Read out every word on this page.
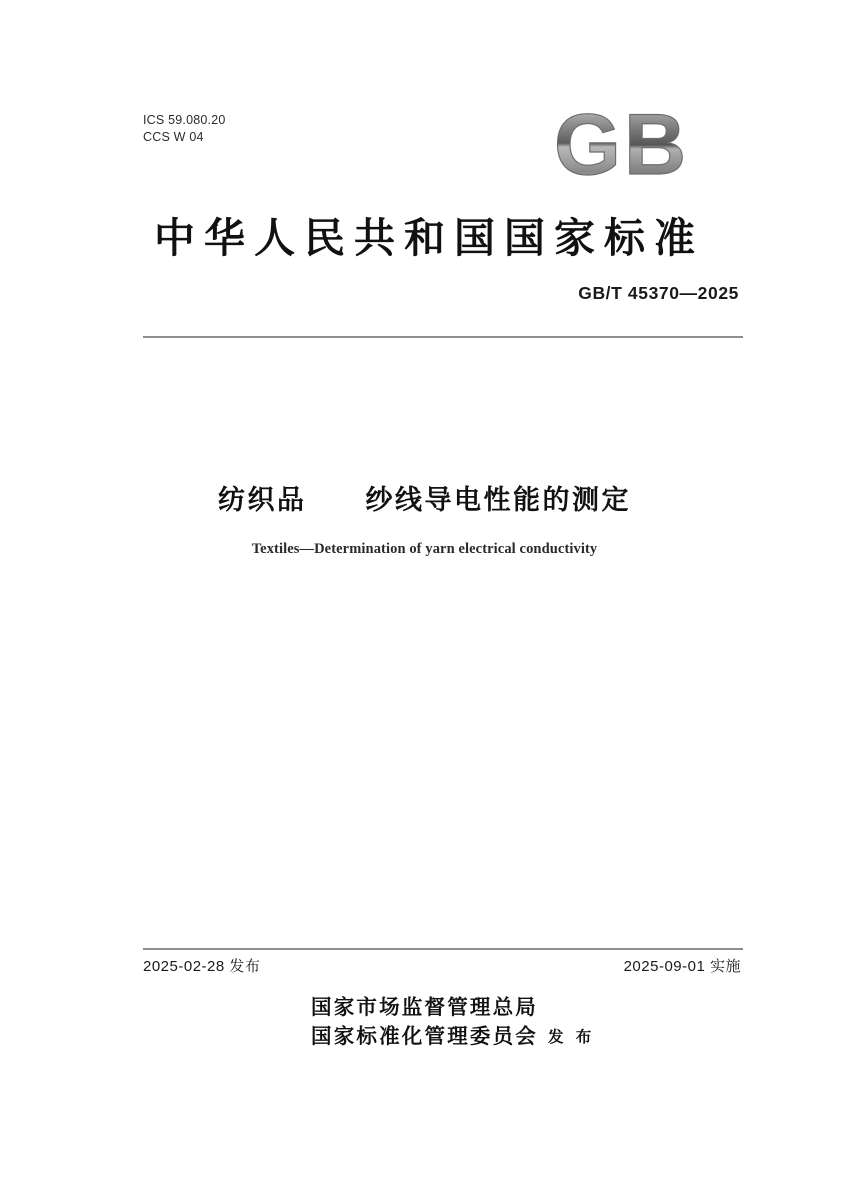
ICS 59.080.20
CCS W 04	G B
中华人民共和国国家标准
GB/T 45370—2025
纺织品　　纱线导电性能的测定
Textiles—Determination of yarn electrical conductivity
2025-02-28 发布	2025-09-01 实施
国家市场监督管理总局
国家标准化管理委员会 发 布
